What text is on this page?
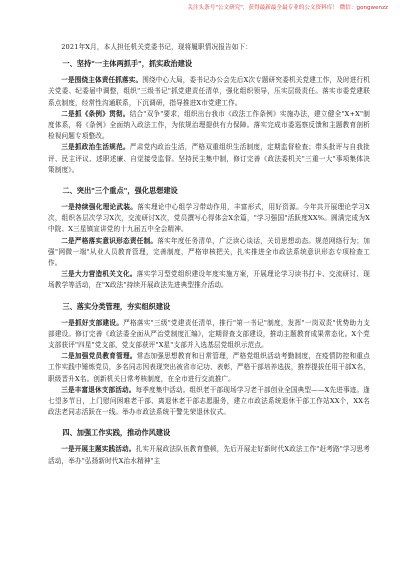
关注头条号"公文研究"，获得最新最全最专业的公文资料库！ 微信：gongwenzz

2021年X月，本人担任机关党委书记，现将履职情况报告如下：

一、坚持"一主体两抓手"，抓实政治建设

一是围绕主体责任抓落实。围绕中心大局，委书记办公会先后X次专题研究委机关党建工作，及时进行机关党委、纪委届中调整，组织"三级书记"抓党建责任清单，强化组织领导，压实层级责任。落实市委党建联系点制度，经常性沟通联系，下沉调研，指导推进X市党建工作。

二是抓《条例》贯彻。结合"双争"要求，组织出台我市《政法工作条例》实施办法，建立健全"X+X"制度体系，将《条例》全面纳入政法工作，为依规治理提供有力保障。落实完成市委巡察反馈和主题教育剖析检视问题专项整改。

三是抓政治生活规范。严肃党内政治生活，严格双重组织生活制度，定期监督检查；带头批评与自我批评、民主评议、述职述廉、自觉接受监督。坚持民主集中制，修订完善《政法委机关"三重一大"事项集体决策制度》。

二、突出"三个重点"，强化思想建设

一是持续强化理论武装。落实理论中心组学习带动作用，丰富形式，用好资源。今年共开展理论学习X次，组织各层次学习X次，交流研讨X次，党员撰写心得体会X余篇，"学习强国"活跃度XX%。圆满完成为X中院、X三星镇宣讲党的十九届五中全会精神。

二是严格落实意识形态责任制。落实年度任务清单，广泛读心谈话，关切思想动态。规范网络行为；加强"网微一端"从业人员教育管理，完善制度，严格审核把关，扎实推进全市政法系统意识形态专项检查工作。

三是大力营造机关文化。落实学习型党组织建设年度实施方案，开展理论学习读书打卡、交流研讨、现场教学等活动，在"X政法"持续开展政法先进典型推介活动。

三、落实分类管理，夯实组织建设

一是抓好支部建设。严格落实"三级"党建责任清单，推行"第一书记"制度，发挥"一岗双责"优势助力支部建设。修订完善《政法委全面从严治党制度汇编》，定期督查支部建设，推动主题教育成果常态化。X个党支部获评"四星"党支部，党支部获评"X星"支部并入选基层党组织示范点。

二是加强党员教育管理。常态加强思想教育和日常管理，严格党组织活动考勤制度，在疫情防控和重点工作实践中锤炼党员，多名同志因表现突出被省市记功、表彰，严格干部培养选拔，推荐提拔任用干部X名，职级晋升X名。创新机关日常考核制度，在全市进行交流推广。

三是丰富退休支部活动。每季度集中活动。组织老干部现场学习老干部创业全国典型——X先进事迹。逢七望多节日，上门慰问困难老干部、离退休老干部志愿服务，建立市政法系统退休干部工作站XX个，XX名政法老同志活跃在一线。举办市政法系统干警先荣退休仪式。

四、加强工作实践，推动作风建设

一是开展主题实践活动。扎实开展政法队伍教育整顿，先后开展走好新时代X政法工作"赶考路"学习思考活动，举办"弘扬新时代X治水精神"主
